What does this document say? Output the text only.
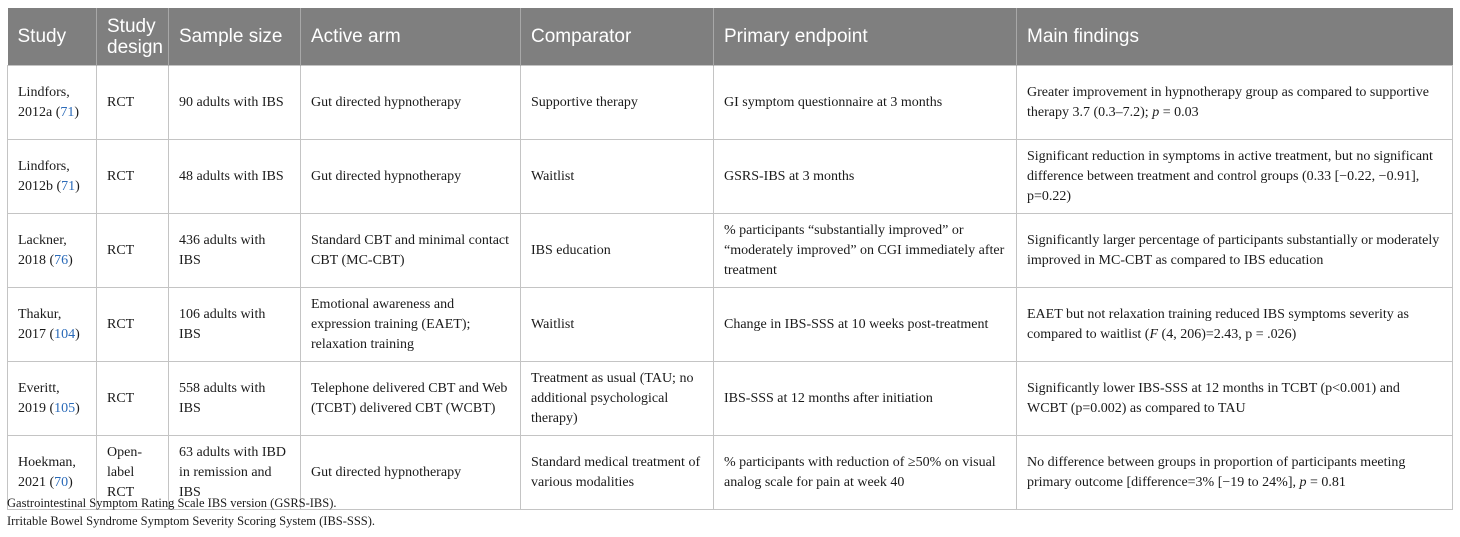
Study	Study design	Sample size	Active arm	Comparator	Primary endpoint	Main findings
Lindfors, 2012a (71)	RCT	90 adults with IBS	Gut directed hypnotherapy	Supportive therapy	GI symptom questionnaire at 3 months	Greater improvement in hypnotherapy group as compared to supportive therapy 3.7 (0.3–7.2); p = 0.03
Lindfors, 2012b (71)	RCT	48 adults with IBS	Gut directed hypnotherapy	Waitlist	GSRS-IBS at 3 months	Significant reduction in symptoms in active treatment, but no significant difference between treatment and control groups (0.33 [−0.22, −0.91], p=0.22)
Lackner, 2018 (76)	RCT	436 adults with IBS	Standard CBT and minimal contact CBT (MC-CBT)	IBS education	% participants “substantially improved” or “moderately improved” on CGI immediately after treatment	Significantly larger percentage of participants substantially or moderately improved in MC-CBT as compared to IBS education
Thakur, 2017 (104)	RCT	106 adults with IBS	Emotional awareness and expression training (EAET); relaxation training	Waitlist	Change in IBS-SSS at 10 weeks post-treatment	EAET but not relaxation training reduced IBS symptoms severity as compared to waitlist (F (4, 206)=2.43, p = .026)
Everitt, 2019 (105)	RCT	558 adults with IBS	Telephone delivered CBT and Web (TCBT) delivered CBT (WCBT)	Treatment as usual (TAU; no additional psychological therapy)	IBS-SSS at 12 months after initiation	Significantly lower IBS-SSS at 12 months in TCBT (p<0.001) and WCBT (p=0.002) as compared to TAU
Hoekman, 2021 (70)	Open-label RCT	63 adults with IBD in remission and IBS	Gut directed hypnotherapy	Standard medical treatment of various modalities	% participants with reduction of ≥50% on visual analog scale for pain at week 40	No difference between groups in proportion of participants meeting primary outcome [difference=3% [−19 to 24%], p = 0.81
Gastrointestinal Symptom Rating Scale IBS version (GSRS-IBS).
Irritable Bowel Syndrome Symptom Severity Scoring System (IBS-SSS).
